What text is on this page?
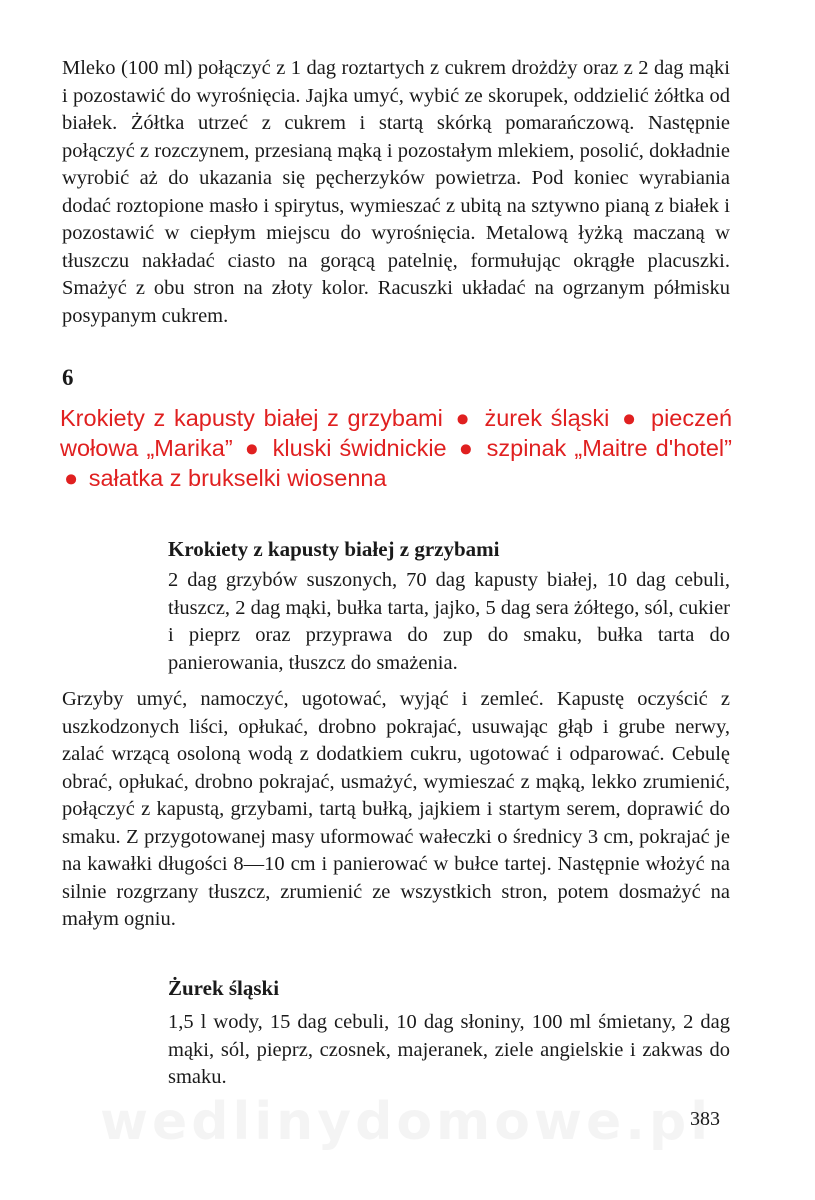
Mleko (100 ml) połączyć z 1 dag roztartych z cukrem drożdży oraz z 2 dag mąki i pozostawić do wyrośnięcia. Jajka umyć, wybić ze skorupek, oddzielić żółtka od białek. Żółtka utrzeć z cukrem i startą skórką pomarańczową. Następnie połączyć z rozczynem, przesianą mąką i pozostałym mlekiem, posolić, dokładnie wyrobić aż do ukazania się pęcherzyków powietrza. Pod koniec wyrabiania dodać roztopione masło i spirytus, wymieszać z ubitą na sztywno pianą z białek i pozostawić w ciepłym miejscu do wyrośnięcia. Metalową łyżką maczaną w tłuszczu nakładać ciasto na gorącą patelnię, formułując okrągłe placuszki. Smażyć z obu stron na złoty kolor. Racuszki układać na ogrzanym półmisku posypanym cukrem.

6

Krokiety z kapusty białej z grzybami ● żurek śląski ● pieczeń wołowa „Marika” ● kluski świdnickie ● szpinak „Maitre d'hotel” ● sałatka z brukselki wiosenna

Krokiety z kapusty białej z grzybami

2 dag grzybów suszonych, 70 dag kapusty białej, 10 dag cebuli, tłuszcz, 2 dag mąki, bułka tarta, jajko, 5 dag sera żółtego, sól, cukier i pieprz oraz przyprawa do zup do smaku, bułka tarta do panierowania, tłuszcz do smażenia.

Grzyby umyć, namoczyć, ugotować, wyjąć i zemleć. Kapustę oczyścić z uszkodzonych liści, opłukać, drobno pokrajać, usuwając głąb i grube nerwy, zalać wrzącą osoloną wodą z dodatkiem cukru, ugotować i odparować. Cebulę obrać, opłukać, drobno pokrajać, usmażyć, wymieszać z mąką, lekko zrumienić, połączyć z kapustą, grzybami, tartą bułką, jajkiem i startym serem, doprawić do smaku. Z przygotowanej masy uformować wałeczki o średnicy 3 cm, pokrajać je na kawałki długości 8—10 cm i panierować w bułce tartej. Następnie włożyć na silnie rozgrzany tłuszcz, zrumienić ze wszystkich stron, potem dosmażyć na małym ogniu.

Żurek śląski

1,5 l wody, 15 dag cebuli, 10 dag słoniny, 100 ml śmietany, 2 dag mąki, sól, pieprz, czosnek, majeranek, ziele angielskie i zakwas do smaku.

383
